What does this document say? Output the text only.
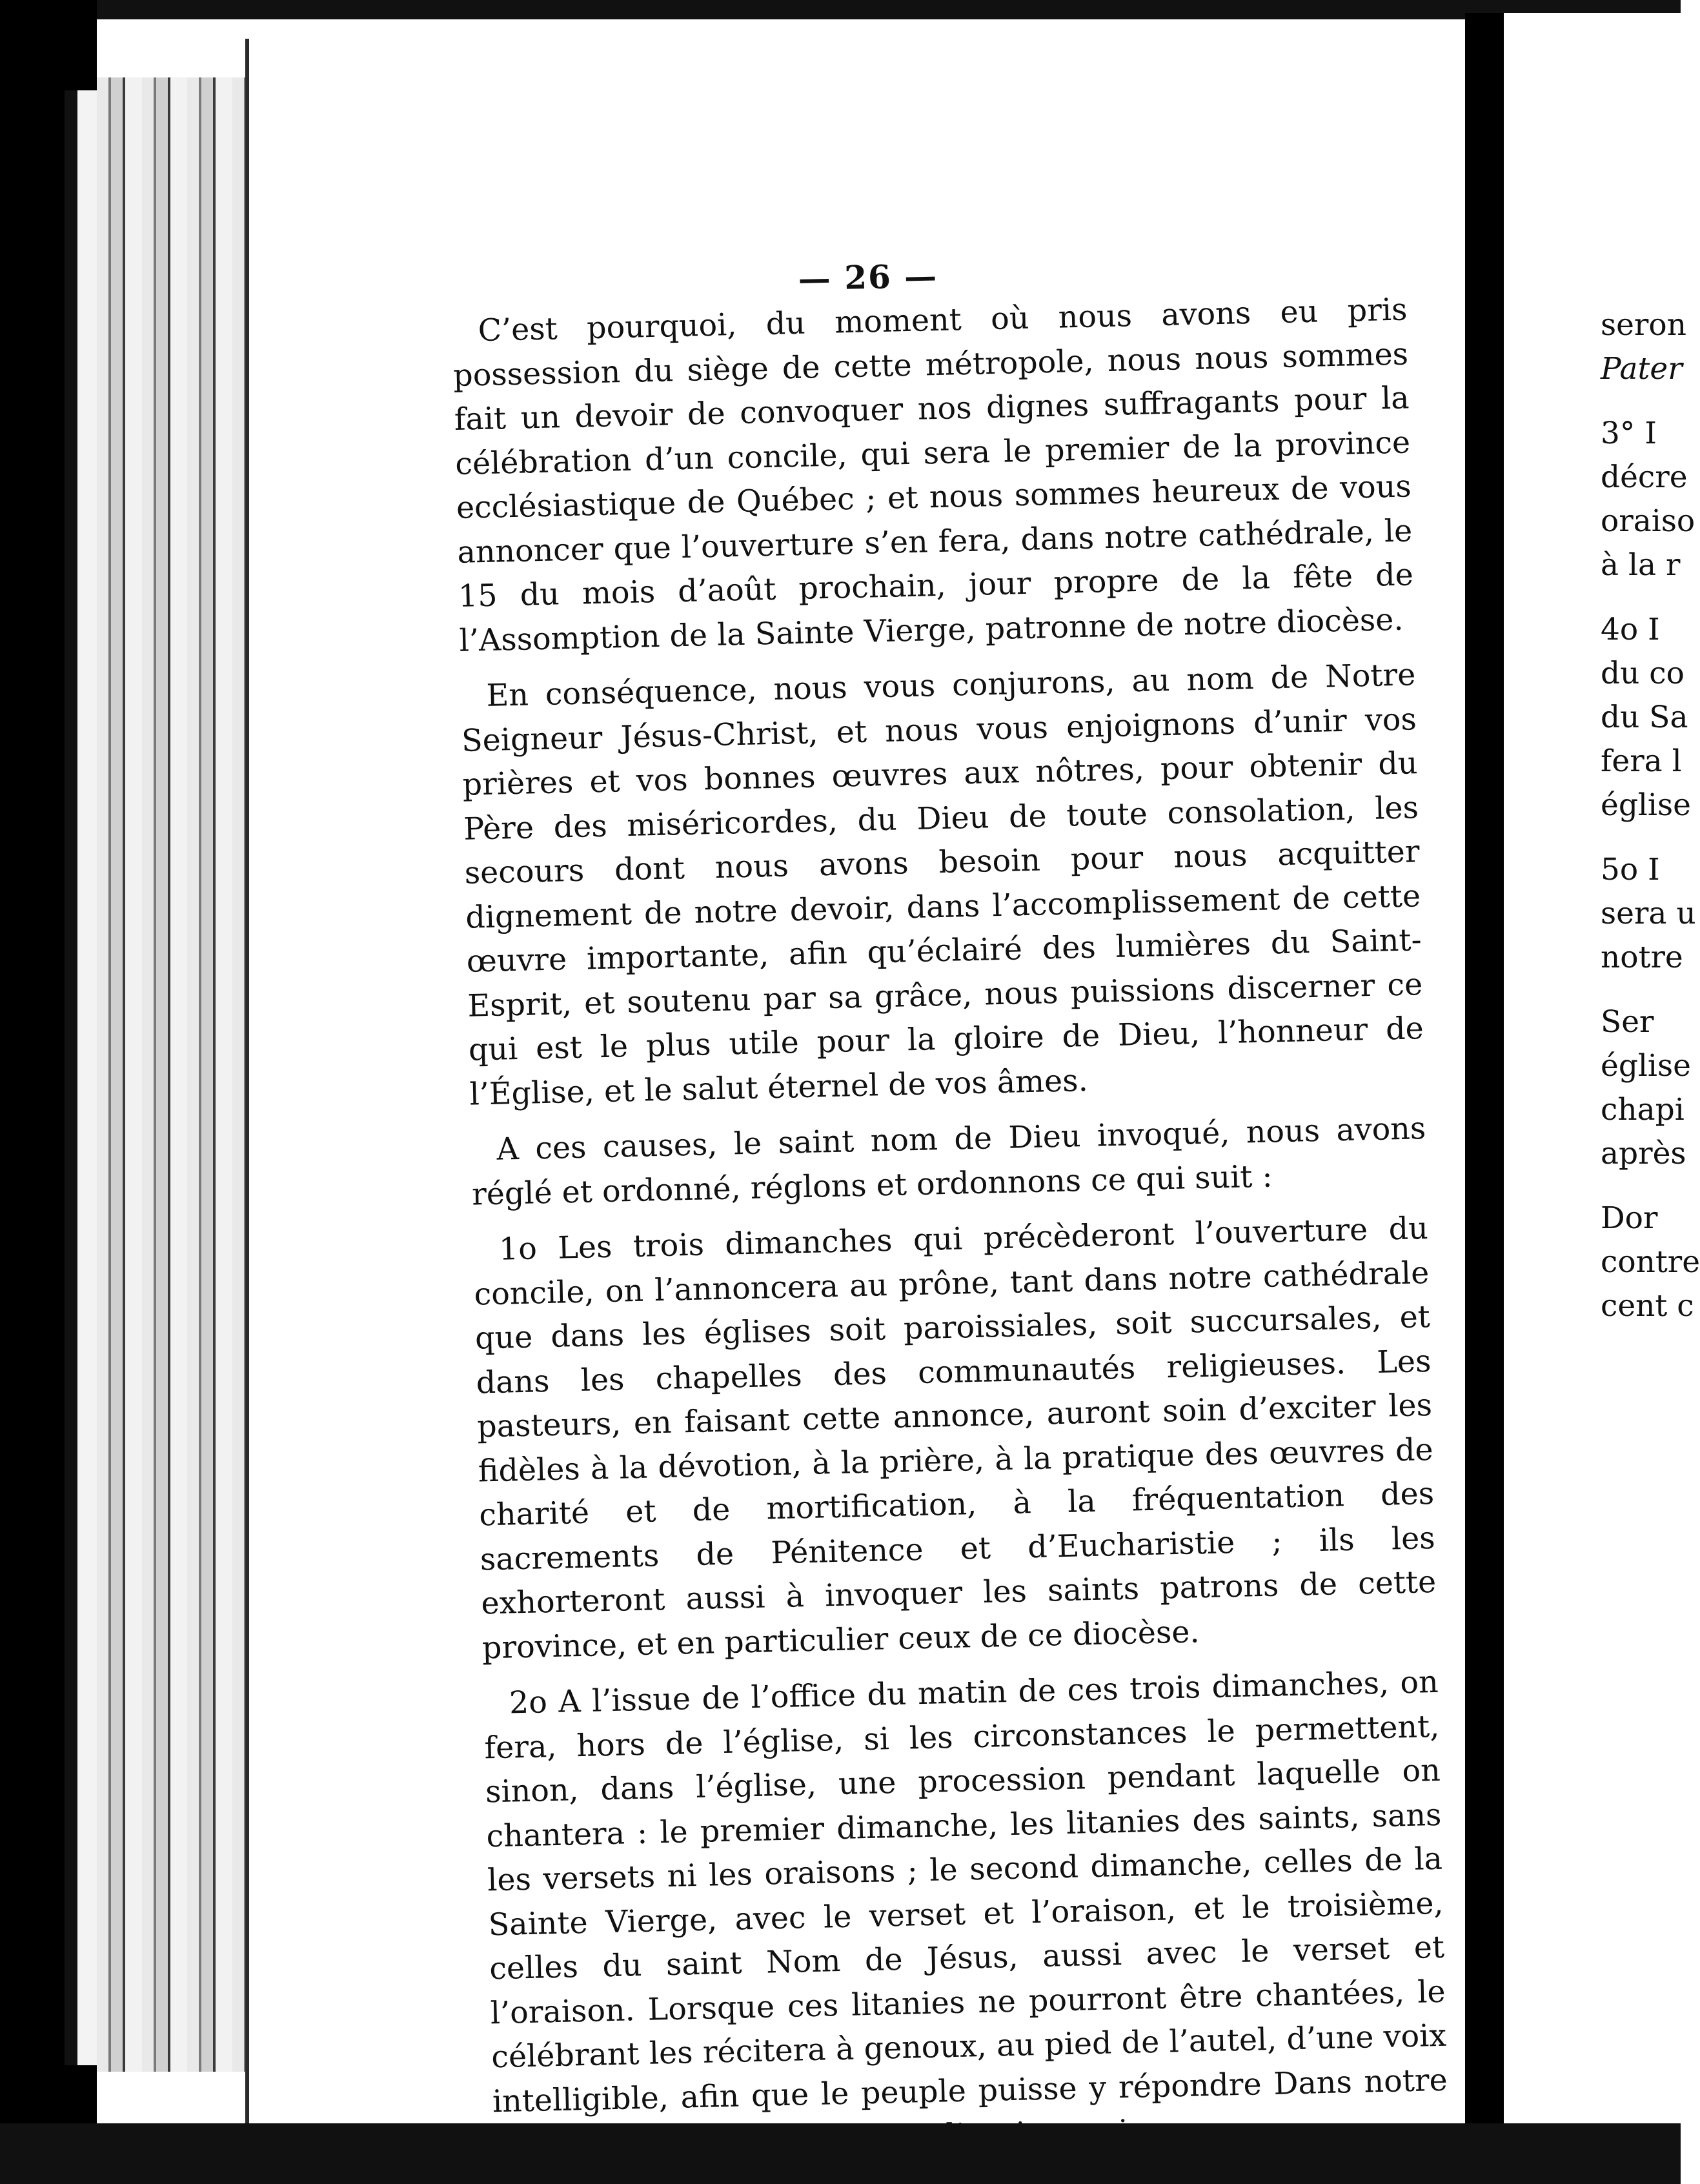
— 26 —

C’est pourquoi, du moment où nous avons eu pris possession du siège de cette métropole, nous nous sommes fait un devoir de convoquer nos dignes suffragants pour la célébration d’un concile, qui sera le premier de la province ecclésiastique de Québec ; et nous sommes heureux de vous annoncer que l’ouverture s’en fera, dans notre cathédrale, le 15 du mois d’août prochain, jour propre de la fête de l’Assomption de la Sainte Vierge, patronne de notre diocèse.

En conséquence, nous vous conjurons, au nom de Notre Seigneur Jésus-Christ, et nous vous enjoignons d’unir vos prières et vos bonnes œuvres aux nôtres, pour obtenir du Père des miséricordes, du Dieu de toute consolation, les secours dont nous avons besoin pour nous acquitter dignement de notre devoir, dans l’accomplissement de cette œuvre importante, afin qu’éclairé des lumières du Saint-Esprit, et soutenu par sa grâce, nous puissions discerner ce qui est le plus utile pour la gloire de Dieu, l’honneur de l’Église, et le salut éternel de vos âmes.

A ces causes, le saint nom de Dieu invoqué, nous avons réglé et ordonné, réglons et ordonnons ce qui suit :

1o Les trois dimanches qui précèderont l’ouverture du concile, on l’annoncera au prône, tant dans notre cathédrale que dans les églises soit paroissiales, soit succursales, et dans les chapelles des communautés religieuses. Les pasteurs, en faisant cette annonce, auront soin d’exciter les fidèles à la dévotion, à la prière, à la pratique des œuvres de charité et de mortification, à la fréquentation des sacrements de Pénitence et d’Eucharistie ; ils les exhorteront aussi à invoquer les saints patrons de cette province, et en particulier ceux de ce diocèse.

2o A l’issue de l’office du matin de ces trois dimanches, on fera, hors de l’église, si les circonstances le permettent, sinon, dans l’église, une procession pendant laquelle on chantera : le premier dimanche, les litanies des saints, sans les versets ni les oraisons ; le second dimanche, celles de la Sainte Vierge, avec le verset et l’oraison, et le troisième, celles du saint Nom de Jésus, aussi avec le verset et l’oraison. Lorsque ces litanies ne pourront être chantées, le célébrant les récitera à genoux, au pied de l’autel, d’une voix intelligible, afin que le peuple puisse y répondre Dans notre

seron
Pater
3° I
décre
oraiso
à la r
4o I
du co
du Sa
fera l
église
5o I
sera u
notre
Ser
église
chapi
après
Dor
contre
cent c
